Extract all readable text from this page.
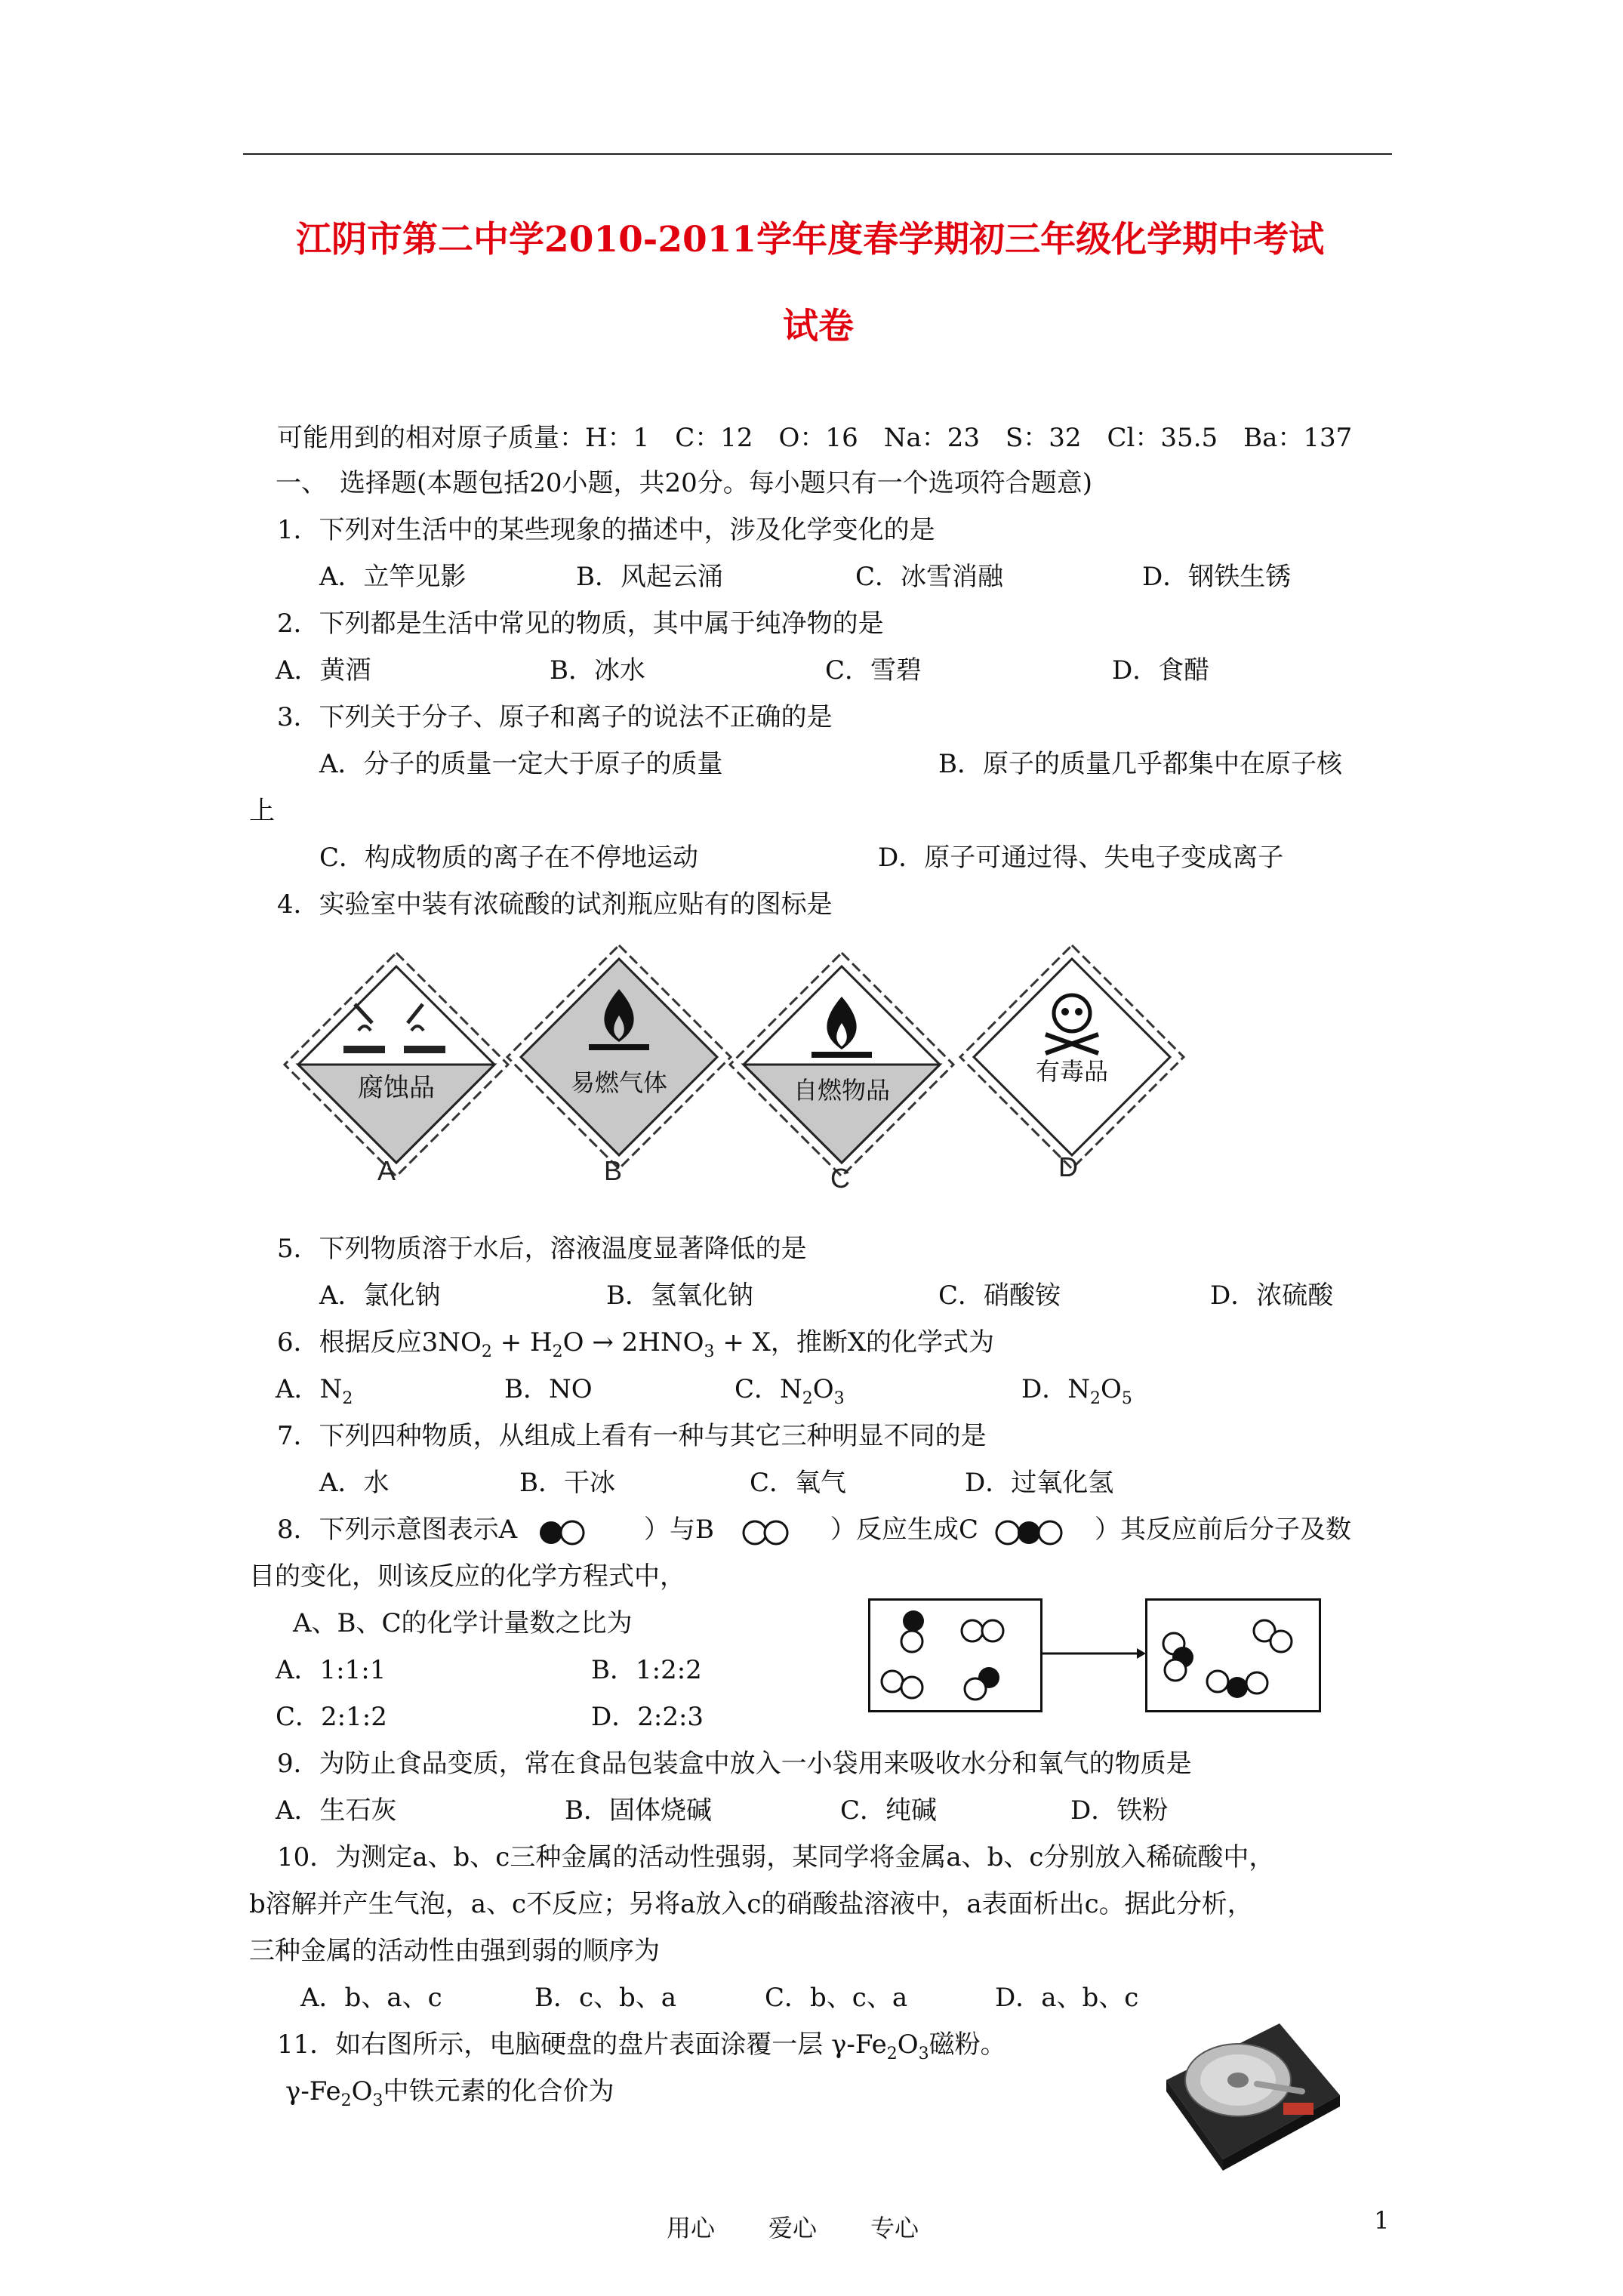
江阴市第二中学2010-2011学年度春学期初三年级化学期中考试
试卷
可能用到的相对原子质量：H：1　C：12　O：16　Na：23　S：32　Cl：35.5　Ba：137
一、　选择题(本题包括20小题，共20分。每小题只有一个选项符合题意)
1．下列对生活中的某些现象的描述中，涉及化学变化的是
A．立竿见影	B．风起云涌	C．冰雪消融	D．钢铁生锈
2．下列都是生活中常见的物质，其中属于纯净物的是
A．黄酒	B．冰水	C．雪碧	D．食醋
3．下列关于分子、原子和离子的说法不正确的是
A．分子的质量一定大于原子的质量	B．原子的质量几乎都集中在原子核
上
C．构成物质的离子在不停地运动	D．原子可通过得、失电子变成离子
4．实验室中装有浓硫酸的试剂瓶应贴有的图标是
腐蚀品
A
易燃气体
B
自燃物品
C
有毒品
D
5．下列物质溶于水后，溶液温度显著降低的是
A．氯化钠	B．氢氧化钠	C．硝酸铵	D．浓硫酸
6．根据反应$3NO_2 + H_2O \to 2HNO_3 + X$，推断X的化学式为
A．$N_2$	B．NO	C．$N_2O_3$	D．$N_2O_5$
7．下列四种物质，从组成上看有一种与其它三种明显不同的是
A．水	B．干冰	C．氧气	D．过氧化氢
8．下列示意图表示A	）与B	）反应生成C	）其反应前后分子及数
目的变化，则该反应的化学方程式中，
A、B、C的化学计量数之比为
A．1:1:1	B．1:2:2
C．2:1:2	D．2:2:3
9．为防止食品变质，常在食品包装盒中放入一小袋用来吸收水分和氧气的物质是
A．生石灰	B．固体烧碱	C．纯碱	D．铁粉
10．为测定a、b、c三种金属的活动性强弱，某同学将金属a、b、c分别放入稀硫酸中，
b溶解并产生气泡，a、c不反应；另将a放入c的硝酸盐溶液中，a表面析出c。据此分析，
三种金属的活动性由强到弱的顺序为
A．b、a、c	B．c、b、a	C．b、c、a	D．a、b、c
11．如右图所示，电脑硬盘的盘片表面涂覆一层 $\gamma-Fe_2O_3$磁粉。
$\gamma-Fe_2O_3$中铁元素的化合价为
用心 爱心 专心	1
